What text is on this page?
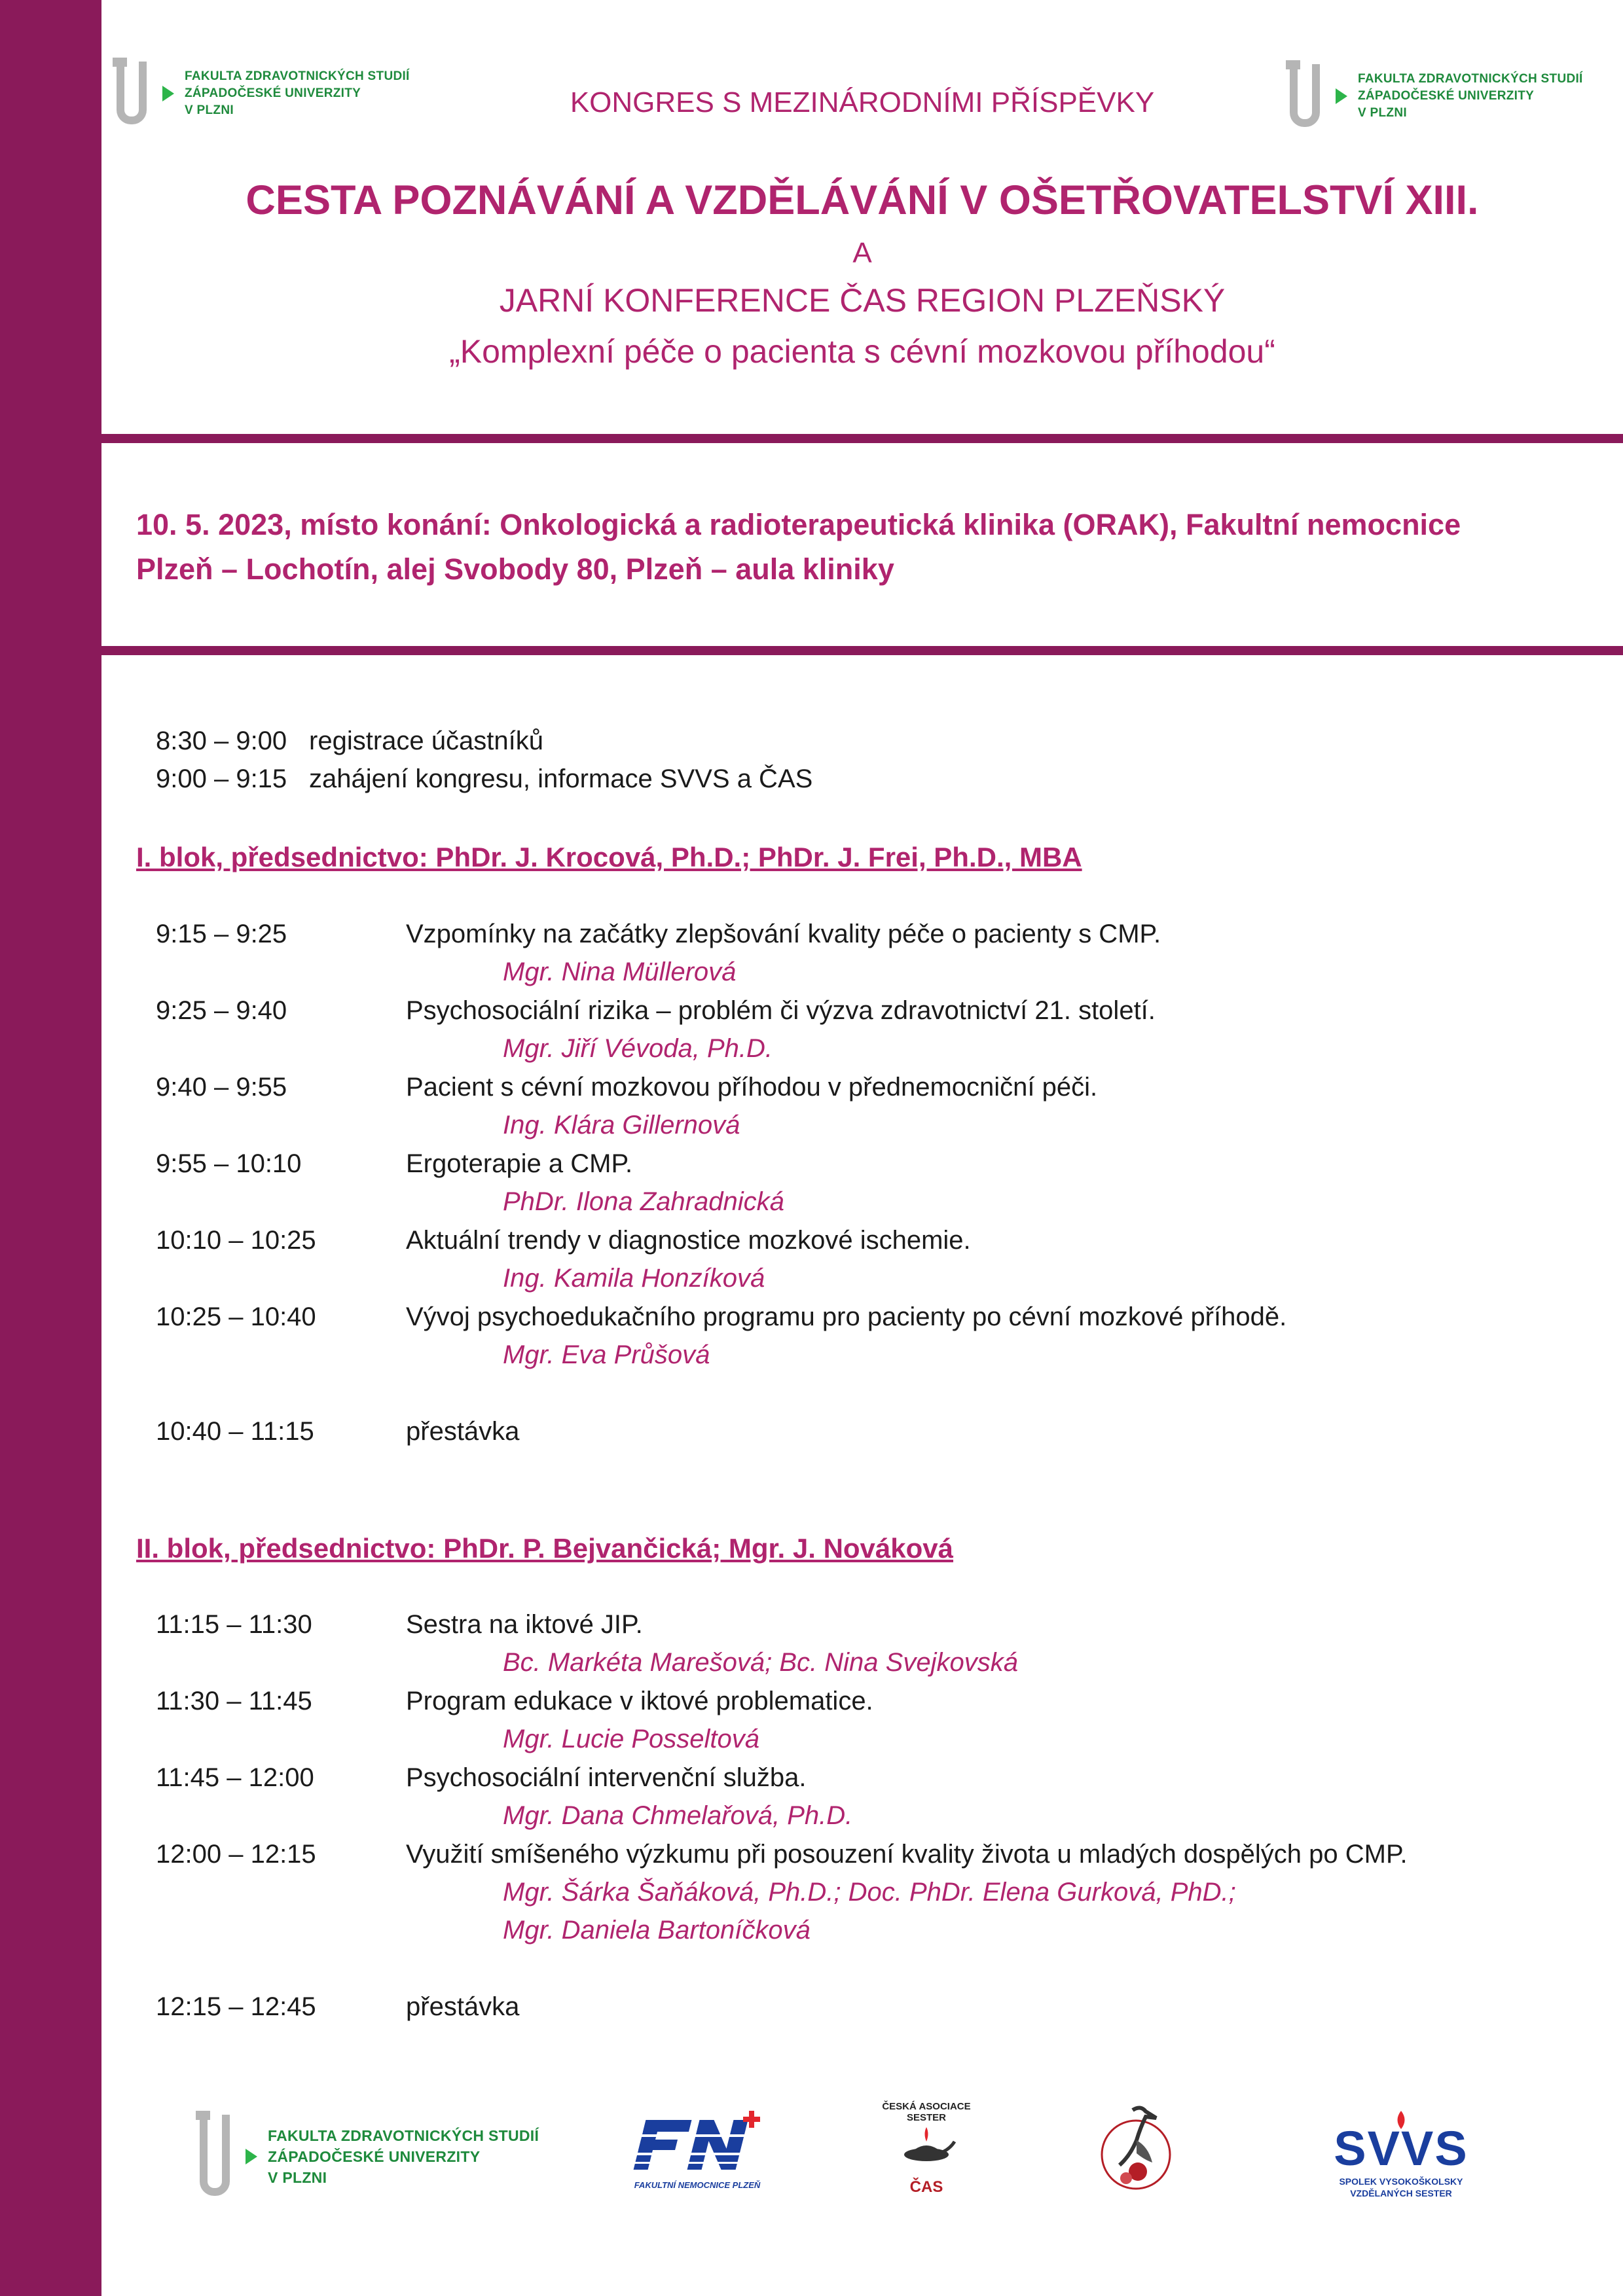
FAKULTA ZDRAVOTNICKÝCH STUDIÍ
ZÁPADOČESKÉ UNIVERZITY
V PLZNI
FAKULTA ZDRAVOTNICKÝCH STUDIÍ
ZÁPADOČESKÉ UNIVERZITY
V PLZNI
KONGRES S MEZINÁRODNÍMI PŘÍSPĚVKY
CESTA POZNÁVÁNÍ A VZDĚLÁVÁNÍ V OŠETŘOVATELSTVÍ XIII.
A
JARNÍ KONFERENCE ČAS REGION PLZEŇSKÝ
„Komplexní péče o pacienta s cévní mozkovou příhodou“
10. 5. 2023, místo konání: Onkologická a radioterapeutická klinika (ORAK), Fakultní nemocnice
Plzeň – Lochotín, alej Svobody 80, Plzeň – aula kliniky
8:30 – 9:00 registrace účastníků
9:00 – 9:15 zahájení kongresu, informace SVVS a ČAS
I. blok, předsednictvo: PhDr. J. Krocová, Ph.D.; PhDr. J. Frei, Ph.D., MBA
9:15 – 9:25	Vzpomínky na začátky zlepšování kvality péče o pacienty s CMP.
Mgr. Nina Müllerová
9:25 – 9:40	Psychosociální rizika – problém či výzva zdravotnictví 21. století.
Mgr. Jiří Vévoda, Ph.D.
9:40 – 9:55	Pacient s cévní mozkovou příhodou v přednemocniční péči.
Ing. Klára Gillernová
9:55 – 10:10	Ergoterapie a CMP.
PhDr. Ilona Zahradnická
10:10 – 10:25	Aktuální trendy v diagnostice mozkové ischemie.
Ing. Kamila Honzíková
10:25 – 10:40	Vývoj psychoedukačního programu pro pacienty po cévní mozkové příhodě.
Mgr. Eva Průšová
10:40 – 11:15	přestávka
II. blok, předsednictvo: PhDr. P. Bejvančická; Mgr. J. Nováková
11:15 – 11:30	Sestra na iktové JIP.
Bc. Markéta Marešová; Bc. Nina Svejkovská
11:30 – 11:45	Program edukace v iktové problematice.
Mgr. Lucie Posseltová
11:45 – 12:00	Psychosociální intervenční služba.
Mgr. Dana Chmelařová, Ph.D.
12:00 – 12:15	Využití smíšeného výzkumu při posouzení kvality života u mladých dospělých po CMP.
Mgr. Šárka Šaňáková, Ph.D.; Doc. PhDr. Elena Gurková, PhD.;
Mgr. Daniela Bartoníčková
12:15 – 12:45	přestávka
FAKULTA ZDRAVOTNICKÝCH STUDIÍ
ZÁPADOČESKÉ UNIVERZITY
V PLZNI	FAKULTNÍ NEMOCNICE PLZEŇ
ČESKÁ ASOCIACE SESTER
ČAS
SVVS
SPOLEK VYSOKOŠKOLSKY
VZDĚLANÝCH SESTER
